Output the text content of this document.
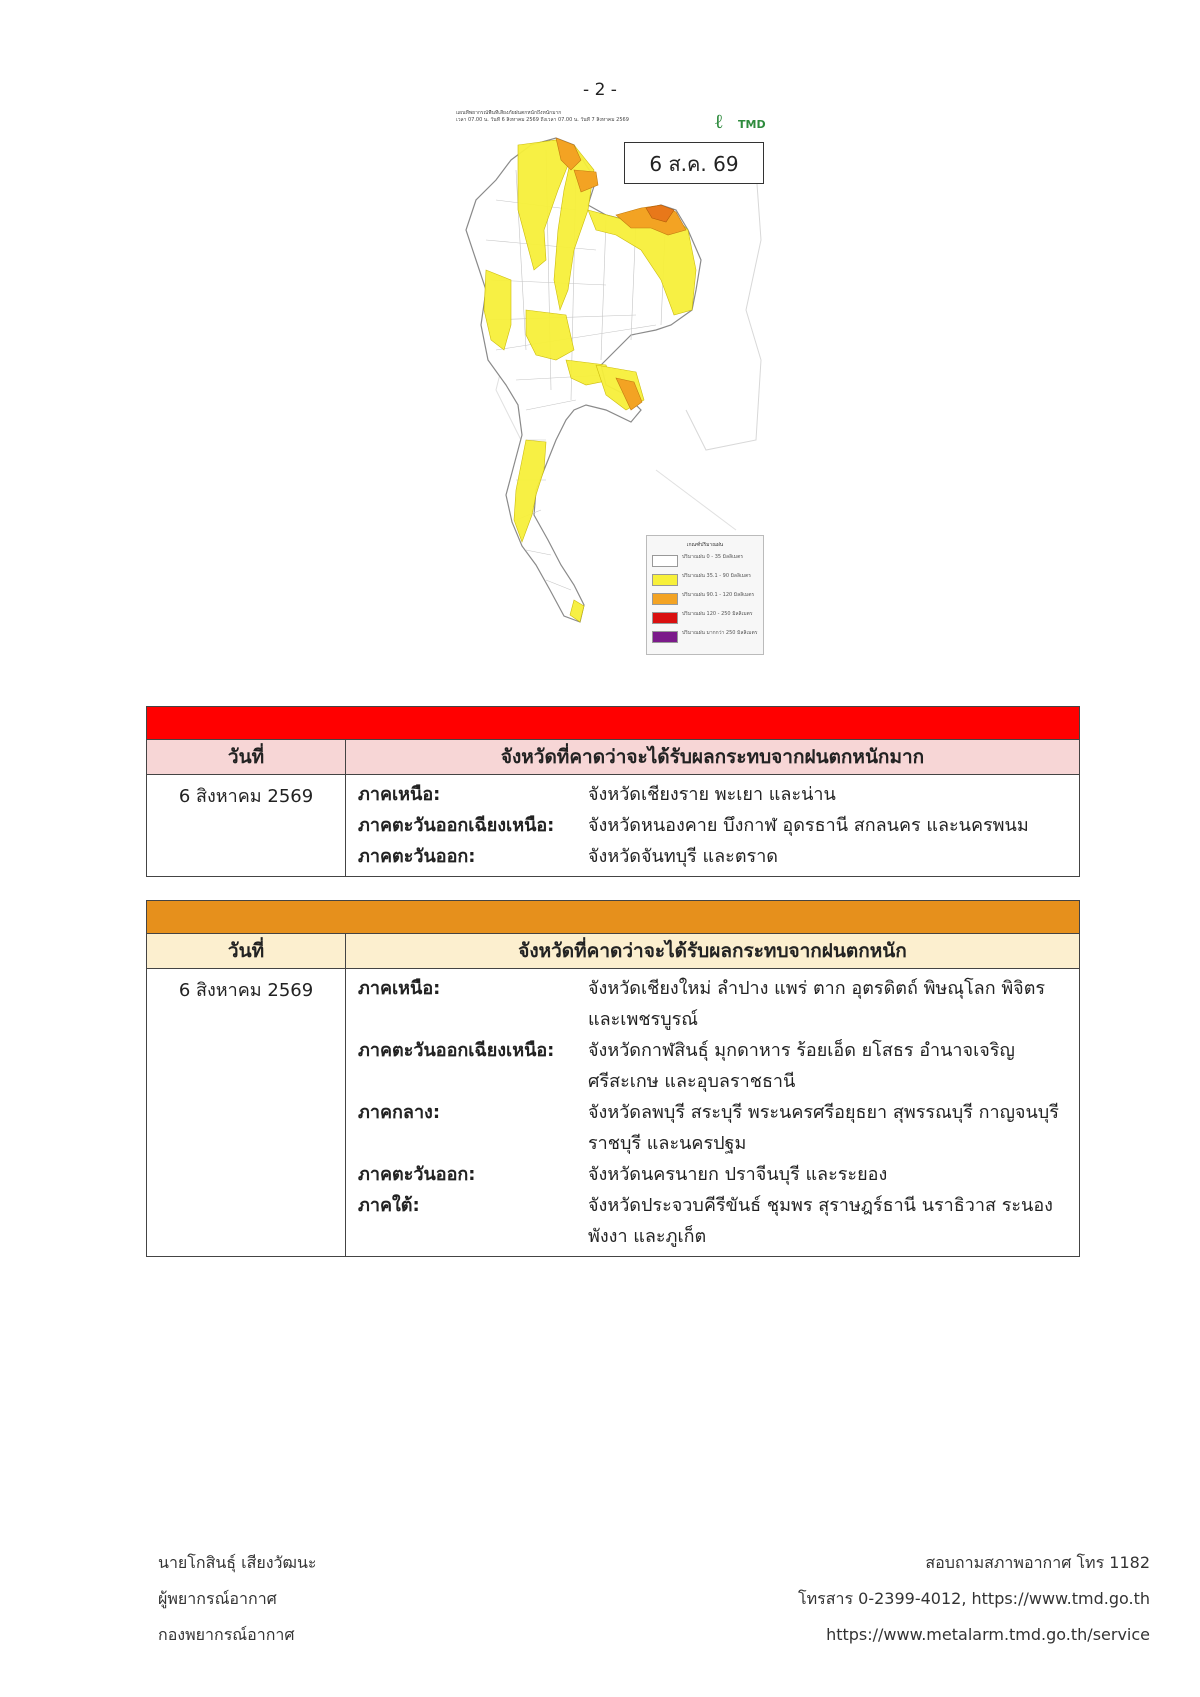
- 2 -
แผนที่พยากรณ์พื้นที่เสี่ยงภัยฝนตกหนักถึงหนักมาก
เวลา 07.00 น. วันที่ 6 สิงหาคม 2569 ถึงเวลา 07.00 น. วันที่ 7 สิงหาคม 2569	ℓ TMD
6 ส.ค. 69
เกณฑ์ปริมาณฝน
ปริมาณฝน 0 - 35 มิลลิเมตร
ปริมาณฝน 35.1 - 90 มิลลิเมตร
ปริมาณฝน 90.1 - 120 มิลลิเมตร
ปริมาณฝน 120 - 250 มิลลิเมตร
ปริมาณฝน มากกว่า 250 มิลลิเมตร
วันที่	จังหวัดที่คาดว่าจะได้รับผลกระทบจากฝนตกหนักมาก
6 สิงหาคม 2569	ภาคเหนือ:	จังหวัดเชียงราย พะเยา และน่าน
ภาคตะวันออกเฉียงเหนือ:	จังหวัดหนองคาย บึงกาฬ อุดรธานี สกลนคร และนครพนม
ภาคตะวันออก:	จังหวัดจันทบุรี และตราด
วันที่	จังหวัดที่คาดว่าจะได้รับผลกระทบจากฝนตกหนัก
6 สิงหาคม 2569	ภาคเหนือ:	จังหวัดเชียงใหม่ ลำปาง แพร่ ตาก อุตรดิตถ์ พิษณุโลก พิจิตร และเพชรบูรณ์
ภาคตะวันออกเฉียงเหนือ:	จังหวัดกาฬสินธุ์ มุกดาหาร ร้อยเอ็ด ยโสธร อำนาจเจริญ ศรีสะเกษ และอุบลราชธานี
ภาคกลาง:	จังหวัดลพบุรี สระบุรี พระนครศรีอยุธยา สุพรรณบุรี กาญจนบุรี ราชบุรี และนครปฐม
ภาคตะวันออก:	จังหวัดนครนายก ปราจีนบุรี และระยอง
ภาคใต้:	จังหวัดประจวบคีรีขันธ์ ชุมพร สุราษฎร์ธานี นราธิวาส ระนอง พังงา และภูเก็ต
นายโกสินธุ์ เสียงวัฒนะ
ผู้พยากรณ์อากาศ
กองพยากรณ์อากาศ
สอบถามสภาพอากาศ โทร 1182
โทรสาร 0-2399-4012, https://www.tmd.go.th
https://www.metalarm.tmd.go.th/service
